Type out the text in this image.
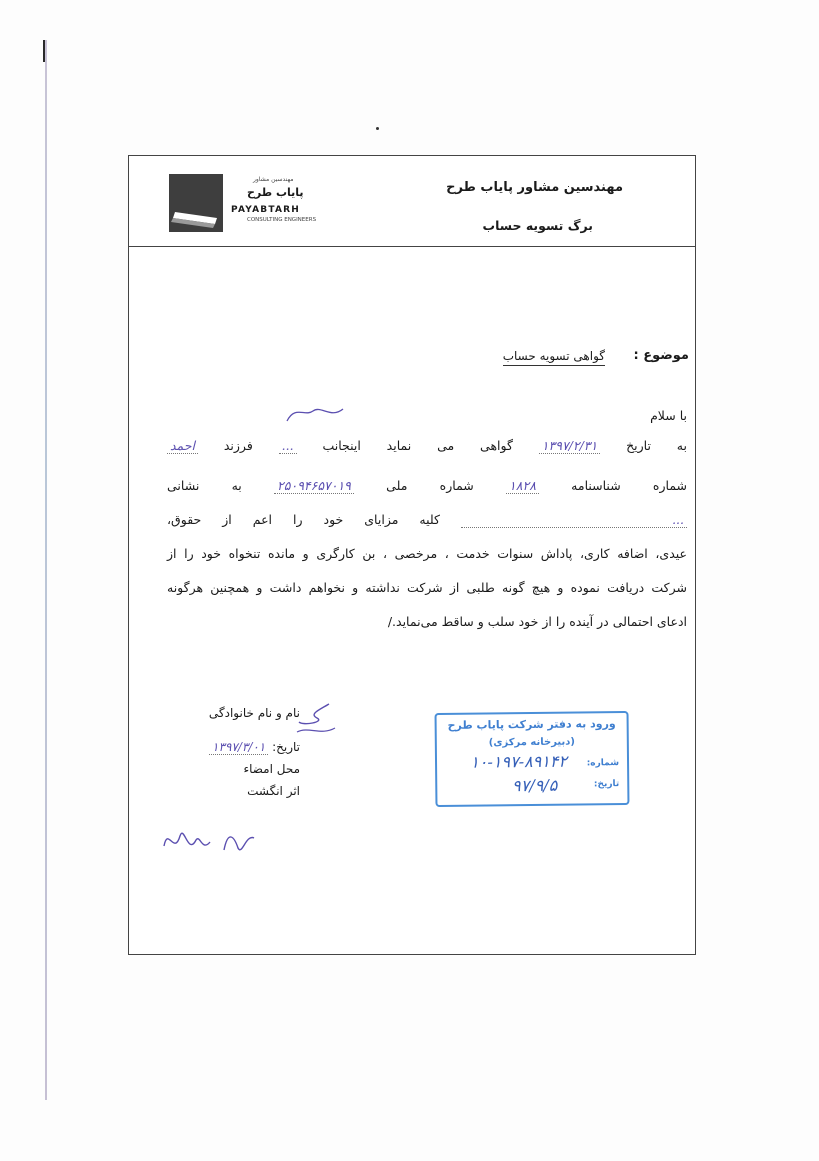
مهندسین مشاور پایاب طرح
برگ تسویه حساب
مهندسین مشاور
پایاب طرح
PAYABTARH
CONSULTING ENGINEERS
موضوع :
گواهی تسویه حساب
با سلام
به تاریخ ۱۳۹۷/۲/۳۱ گواهی می نماید اینجانب ... فرزند احمد
شماره شناسنامه ۱۸۲۸ شماره ملی ۲۵۰۹۴۶۵۷۰۱۹ به نشانی
... کلیه مزایای خود را اعم از حقوق،
عیدی، اضافه کاری، پاداش سنوات خدمت ، مرخصی ، بن کارگری و مانده تنخواه خود را از
شرکت دریافت نموده و هیچ گونه طلبی از شرکت نداشته و نخواهم داشت و همچنین هرگونه
ادعای احتمالی در آینده را از خود سلب و ساقط می‌نماید./
نام و نام خانوادگی
تاریخ: ۱۳۹۷/۳/۰۱
محل امضاء
اثر انگشت
ورود به دفتر شرکت پایاب طرح
(دبیرخانه مرکزی)
شماره:
۱۰-۱۹۷-۸۹۱۴۲
تاریخ:
۹۷/۹/۵
